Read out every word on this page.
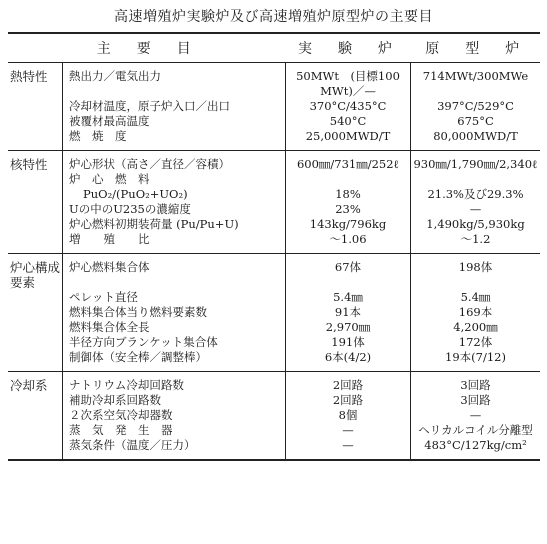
高速増殖炉実験炉及び高速増殖炉原型炉の主要目
主　要　目		実　験　炉	原　型　炉
熱特性	熱出力／電気出力	50MWt　(目標100 MWt)／—	714MWt/300MWe
	冷却材温度，原子炉入口／出口	370°C/435°C	397°C/529°C
	被覆材最高温度	540°C	675°C
	燃　焼　度	25,000MWD/T	80,000MWD/T
核特性	炉心形状（高さ／直径／容積）	600㎜/731㎜/252ℓ	930㎜/1,790㎜/2,340ℓ
	炉　心　燃　料		
	PuO₂/(PuO₂+UO₂)	18%	21.3%及び29.3%
	Uの中のU235の濃縮度	23%	—
	炉心燃料初期装荷量 (Pu/Pu+U)	143kg/796kg	1,490kg/5,930kg
	増　　殖　　比	～1.06	～1.2
炉心構成要素	炉心燃料集合体	67体	198体
	ペレット直径	5.4㎜	5.4㎜
	燃料集合体当り燃料要素数	91本	169本
	燃料集合体全長	2,970㎜	4,200㎜
	半径方向ブランケット集合体	191体	172体
	制御体（安全棒／調整棒）	6本(4/2)	19本(7/12)
冷却系	ナトリウム冷却回路数	2回路	3回路
	補助冷却系回路数	2回路	3回路
	２次系空気冷却器数	8個	—
	蒸　気　発　生　器	—	ヘリカルコイル分離型
	蒸気条件（温度／圧力）	—	483°C/127kg/cm²
